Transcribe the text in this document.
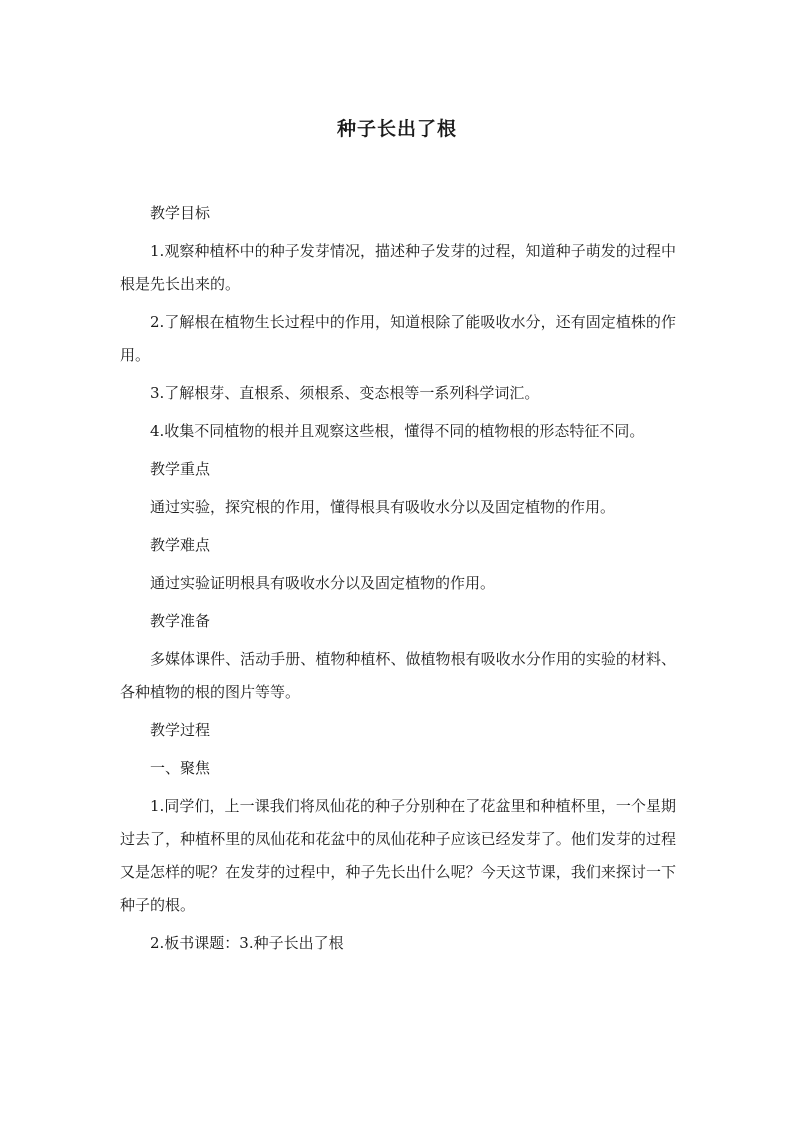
种子长出了根

教学目标

1.观察种植杯中的种子发芽情况，描述种子发芽的过程，知道种子萌发的过程中根是先长出来的。

2.了解根在植物生长过程中的作用，知道根除了能吸收水分，还有固定植株的作用。

3.了解根芽、直根系、须根系、变态根等一系列科学词汇。

4.收集不同植物的根并且观察这些根，懂得不同的植物根的形态特征不同。

教学重点

通过实验，探究根的作用，懂得根具有吸收水分以及固定植物的作用。

教学难点

通过实验证明根具有吸收水分以及固定植物的作用。

教学准备

多媒体课件、活动手册、植物种植杯、做植物根有吸收水分作用的实验的材料、各种植物的根的图片等等。

教学过程

一、聚焦

1.同学们，上一课我们将凤仙花的种子分别种在了花盆里和种植杯里，一个星期过去了，种植杯里的凤仙花和花盆中的凤仙花种子应该已经发芽了。他们发芽的过程又是怎样的呢？在发芽的过程中，种子先长出什么呢？今天这节课，我们来探讨一下种子的根。

2.板书课题：3.种子长出了根
